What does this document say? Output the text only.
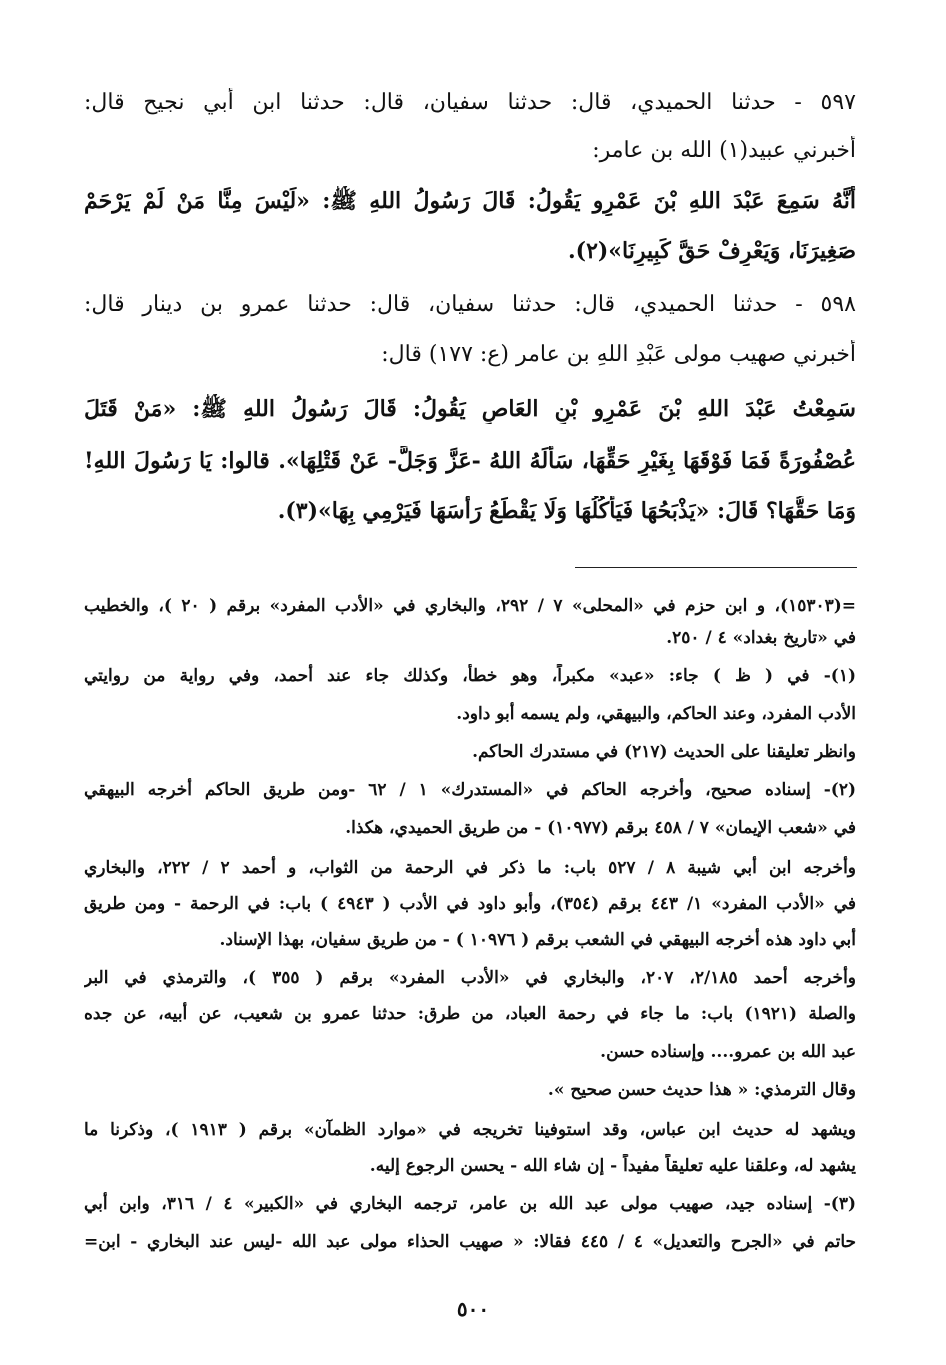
٥٩٧ - حدثنا الحميدي، قال: حدثنا سفيان، قال: حدثنا ابن أبي نجيح قال:
أخبرني عبيد(١) الله بن عامر:
أَنَّهُ سَمِعَ عَبْدَ اللهِ بْنَ عَمْرٍو يَقُولُ: قَالَ رَسُولُ اللهِ ﷺ: «لَيْسَ مِنَّا مَنْ لَمْ يَرْحَمْ
صَغِيرَنَا، وَيَعْرِفْ حَقَّ كَبِيرِنَا»(٢).
٥٩٨ - حدثنا الحميدي، قال: حدثنا سفيان، قال: حدثنا عمرو بن دينار قال:
أخبرني صهيب مولى عَبْدِ اللهِ بن عامر (ع: ١٧٧) قال:
سَمِعْتُ عَبْدَ اللهِ بْنَ عَمْرِو بْنِ العَاصِ يَقُولُ: قَالَ رَسُولُ اللهِ ﷺ: «مَنْ قَتَلَ
عُصْفُورَةً فَمَا فَوْقَهَا بِغَيْرِ حَقِّهَا، سَأَلَهُ اللهُ -عَزَّ وَجَلَّ- عَنْ قَتْلِهَا». قالوا: يَا رَسُولَ اللهِ!
وَمَا حَقُّهَا؟ قَالَ: «يَذْبَحُهَا فَيَأْكُلُهَا وَلَا يَقْطَعُ رَأْسَهَا فَيَرْمِي بِهَا»(٣).
=(١٥٣٠٣)، و ابن حزم في «المحلى» ٧ / ٢٩٢، والبخاري في «الأدب المفرد» برقم ( ٢٠ )، والخطيب
في «تاريخ بغداد» ٤ / ٢٥٠.
(١)- في ( ظ ) جاء: «عبد» مكبراً، وهو خطأ، وكذلك جاء عند أحمد، وفي رواية من روايتي
الأدب المفرد، وعند الحاكم، والبيهقي، ولم يسمه أبو داود.
وانظر تعليقنا على الحديث (٢١٧) في مستدرك الحاكم.
(٢)- إسناده صحيح، وأخرجه الحاكم في «المستدرك» ١ / ٦٢ -ومن طريق الحاكم أخرجه البيهقي
في «شعب الإيمان» ٧ / ٤٥٨ برقم (١٠٩٧٧) - من طريق الحميدي، هكذا.
وأخرجه ابن أبي شيبة ٨ / ٥٢٧ باب: ما ذكر في الرحمة من الثواب، و أحمد ٢ / ٢٢٢، والبخاري
في «الأدب المفرد» ١/ ٤٤٣ برقم (٣٥٤)، وأبو داود في الأدب ( ٤٩٤٣ ) باب: في الرحمة - ومن طريق
أبي داود هذه أخرجه البيهقي في الشعب برقم ( ١٠٩٧٦ ) - من طريق سفيان، بهذا الإسناد.
وأخرجه أحمد ٢/١٨٥، ٢٠٧، والبخاري في «الأدب المفرد» برقم ( ٣٥٥ )، والترمذي في البر
والصلة (١٩٢١) باب: ما جاء في رحمة العباد، من طرق: حدثنا عمرو بن شعيب، عن أبيه، عن جده
عبد الله بن عمرو.... وإسناده حسن.
وقال الترمذي: « هذا حديث حسن صحيح ».
ويشهد له حديث ابن عباس، وقد استوفينا تخريجه في «موارد الظمآن» برقم ( ١٩١٣ )، وذكرنا ما
يشهد له، وعلقنا عليه تعليقاً مفيداً - إن شاء الله - يحسن الرجوع إليه.
(٣)- إسناده جيد، صهيب مولى عبد الله بن عامر، ترجمه البخاري في «الكبير» ٤ / ٣١٦، وابن أبي
حاتم في «الجرح والتعديل» ٤ / ٤٤٥ فقالا: « صهيب الحذاء مولى عبد الله -ليس عند البخاري - ابن=
٥٠٠
